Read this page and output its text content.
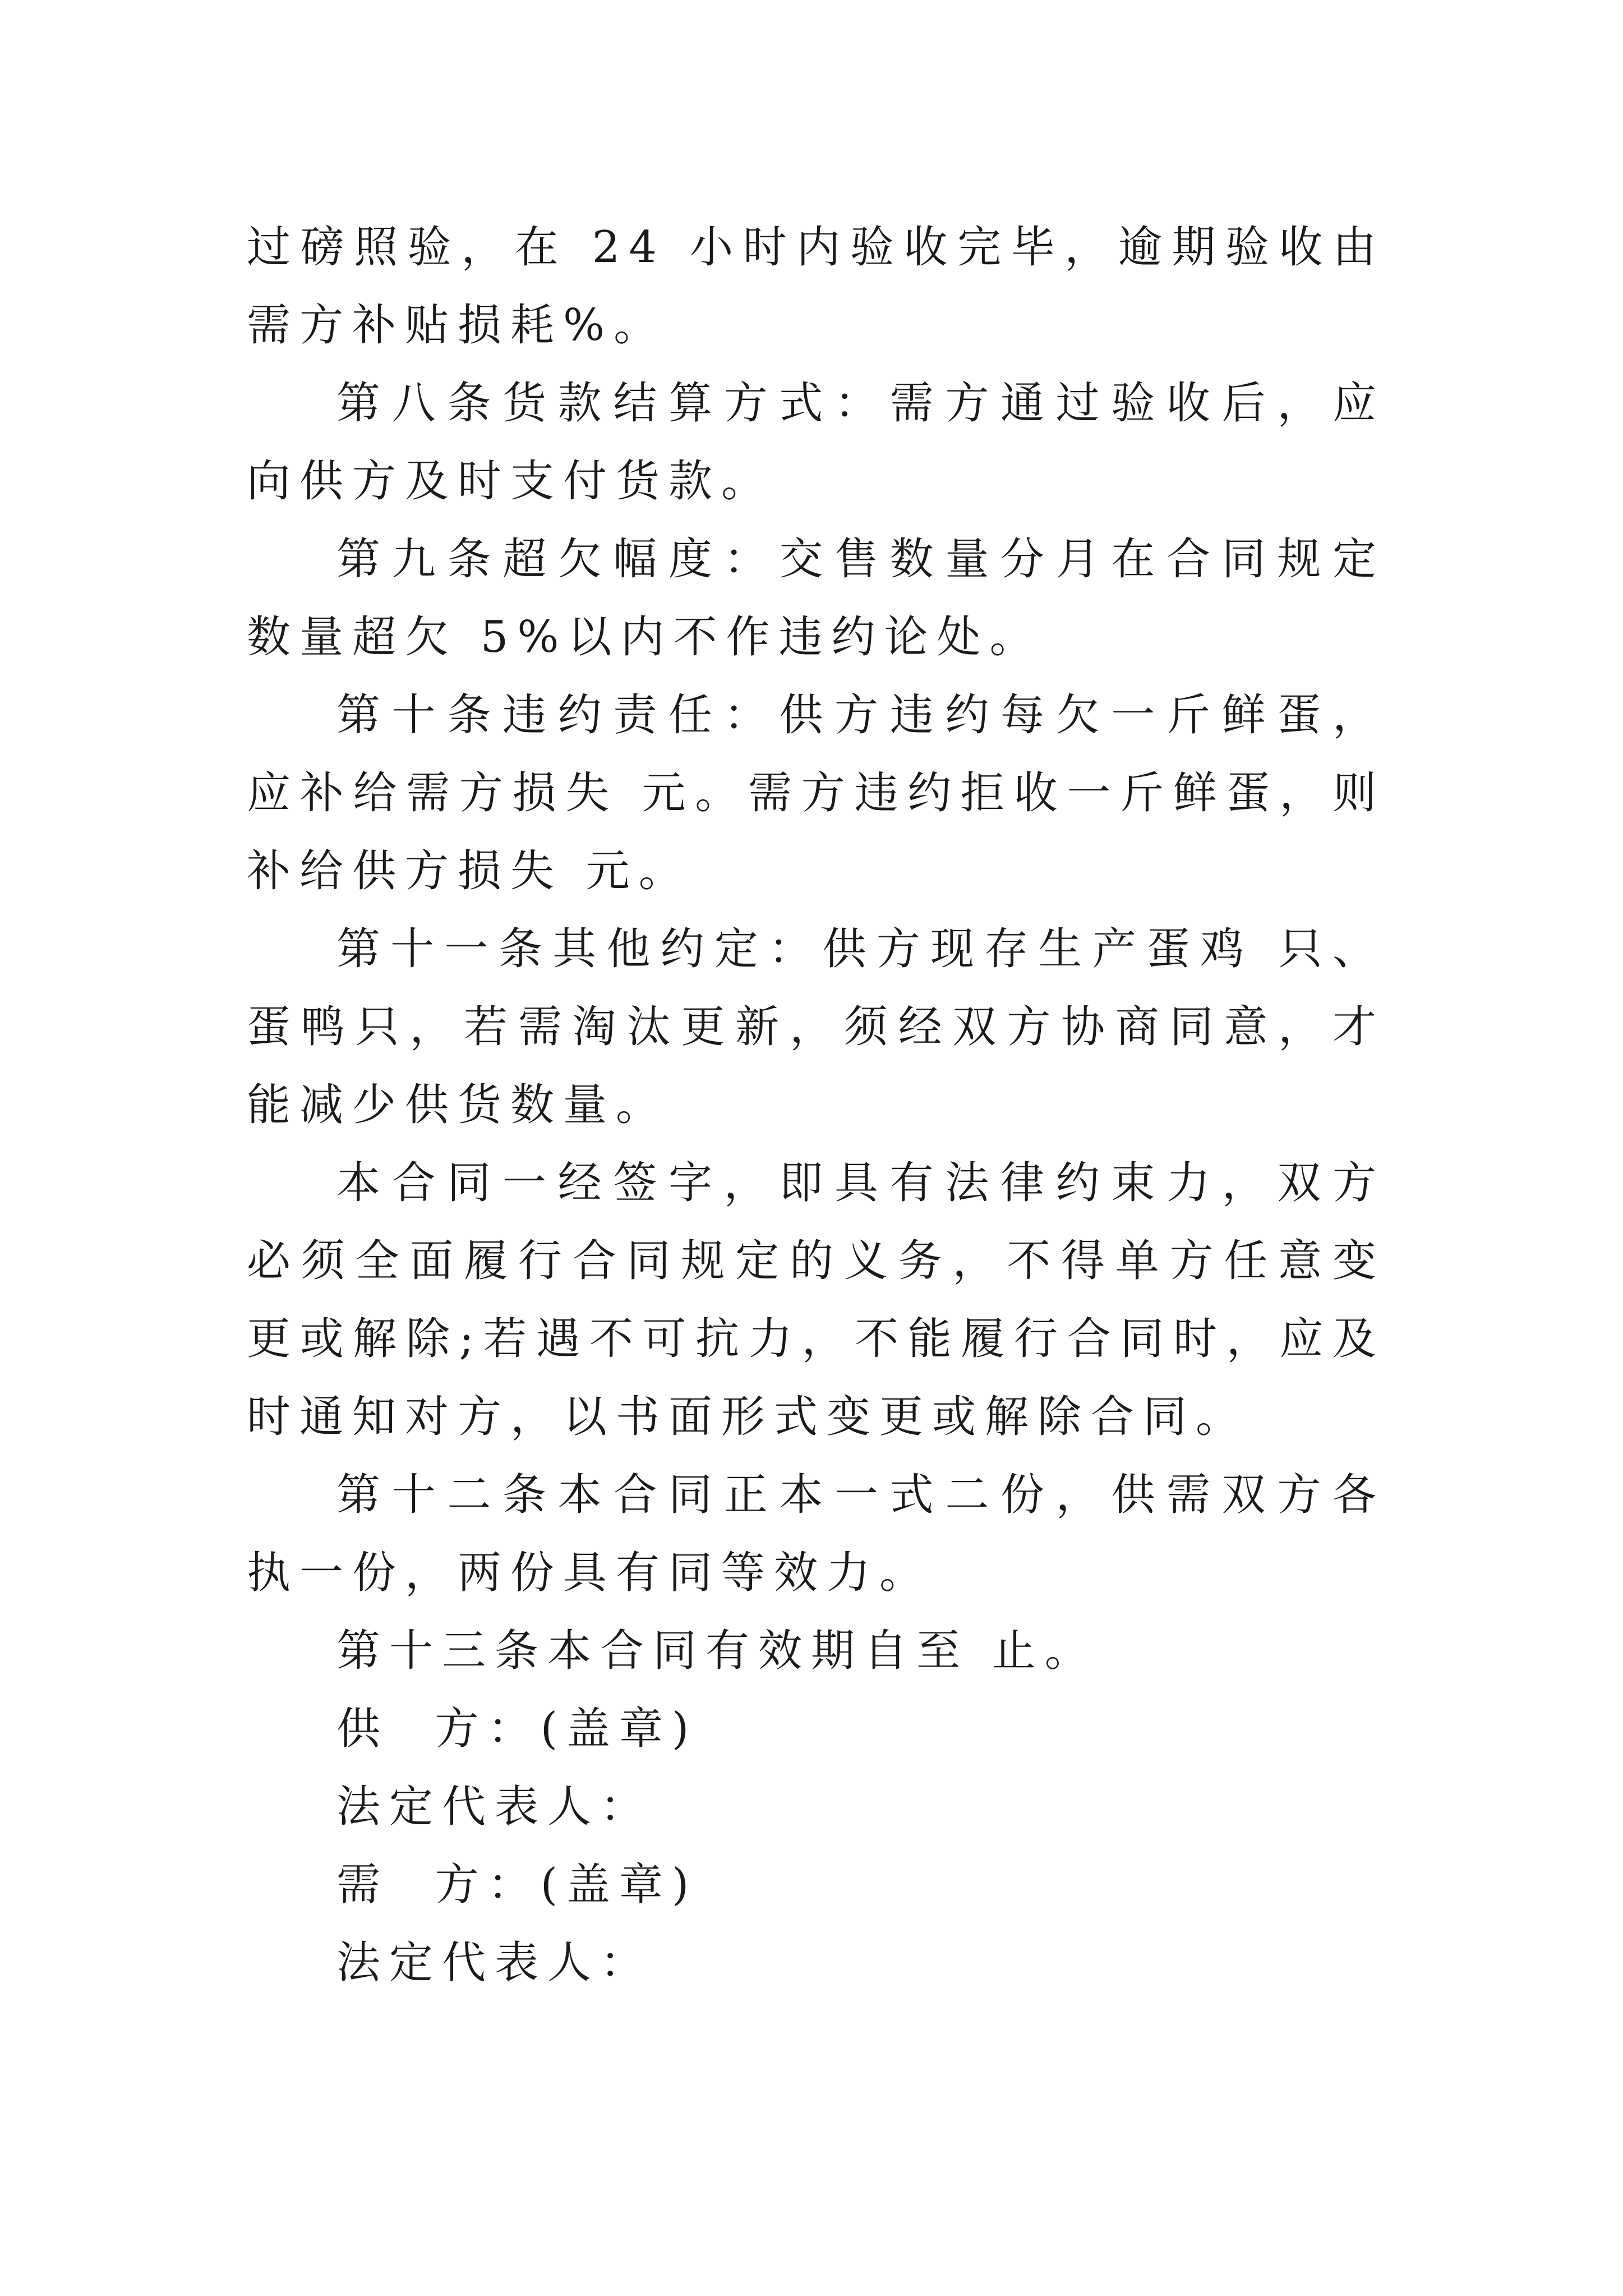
过磅照验，在 24 小时内验收完毕，逾期验收由需方补贴损耗%。

第八条货款结算方式：需方通过验收后，应向供方及时支付货款。

第九条超欠幅度：交售数量分月在合同规定数量超欠 5%以内不作违约论处。

第十条违约责任：供方违约每欠一斤鲜蛋，应补给需方损失 元。需方违约拒收一斤鲜蛋，则补给供方损失 元。

第十一条其他约定：供方现存生产蛋鸡 只、蛋鸭只，若需淘汰更新，须经双方协商同意，才能减少供货数量。

本合同一经签字，即具有法律约束力，双方必须全面履行合同规定的义务，不得单方任意变更或解除;若遇不可抗力，不能履行合同时，应及时通知对方，以书面形式变更或解除合同。

第十二条本合同正本一式二份，供需双方各执一份，两份具有同等效力。

第十三条本合同有效期自至 止。

供  方：(盖章)

法定代表人：

需  方：(盖章)

法定代表人：
